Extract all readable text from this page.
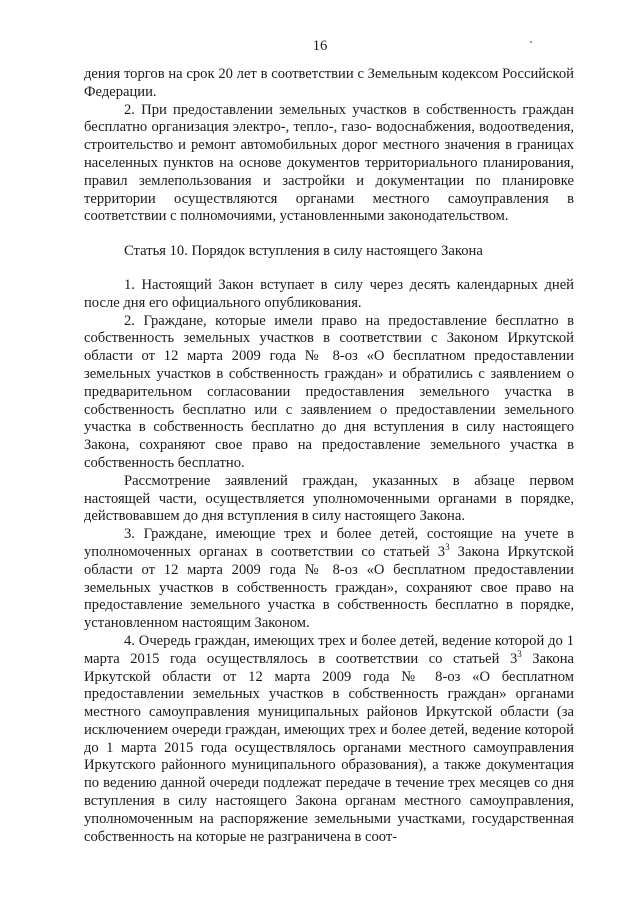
16

дения торгов на срок 20 лет в соответствии с Земельным кодексом Российской Федерации.

2. При предоставлении земельных участков в собственность граждан бесплатно организация электро-, тепло-, газо- водоснабжения, водоотведения, строительство и ремонт автомобильных дорог местного значения в границах населенных пунктов на основе документов территориального планирования, правил землепользования и застройки и документации по планировке территории осуществляются органами местного самоуправления в соответствии с полномочиями, установленными законодательством.

Статья 10. Порядок вступления в силу настоящего Закона

1. Настоящий Закон вступает в силу через десять календарных дней после дня его официального опубликования.

2. Граждане, которые имели право на предоставление бесплатно в собственность земельных участков в соответствии с Законом Иркутской области от 12 марта 2009 года № 8-оз «О бесплатном предоставлении земельных участков в собственность граждан» и обратились с заявлением о предварительном согласовании предоставления земельного участка в собственность бесплатно или с заявлением о предоставлении земельного участка в собственность бесплатно до дня вступления в силу настоящего Закона, сохраняют свое право на предоставление земельного участка в собственность бесплатно.

Рассмотрение заявлений граждан, указанных в абзаце первом настоящей части, осуществляется уполномоченными органами в порядке, действовавшем до дня вступления в силу настоящего Закона.

3. Граждане, имеющие трех и более детей, состоящие на учете в уполномоченных органах в соответствии со статьей $3^3$ Закона Иркутской области от 12 марта 2009 года № 8-оз «О бесплатном предоставлении земельных участков в собственность граждан», сохраняют свое право на предоставление земельного участка в собственность бесплатно в порядке, установленном настоящим Законом.

4. Очередь граждан, имеющих трех и более детей, ведение которой до 1 марта 2015 года осуществлялось в соответствии со статьей $3^3$ Закона Иркутской области от 12 марта 2009 года № 8-оз «О бесплатном предоставлении земельных участков в собственность граждан» органами местного самоуправления муниципальных районов Иркутской области (за исключением очереди граждан, имеющих трех и более детей, ведение которой до 1 марта 2015 года осуществлялось органами местного самоуправления Иркутского районного муниципального образования), а также документация по ведению данной очереди подлежат передаче в течение трех месяцев со дня вступления в силу настоящего Закона органам местного самоуправления, уполномоченным на распоряжение земельными участками, государственная собственность на которые не разграничена в соот-
